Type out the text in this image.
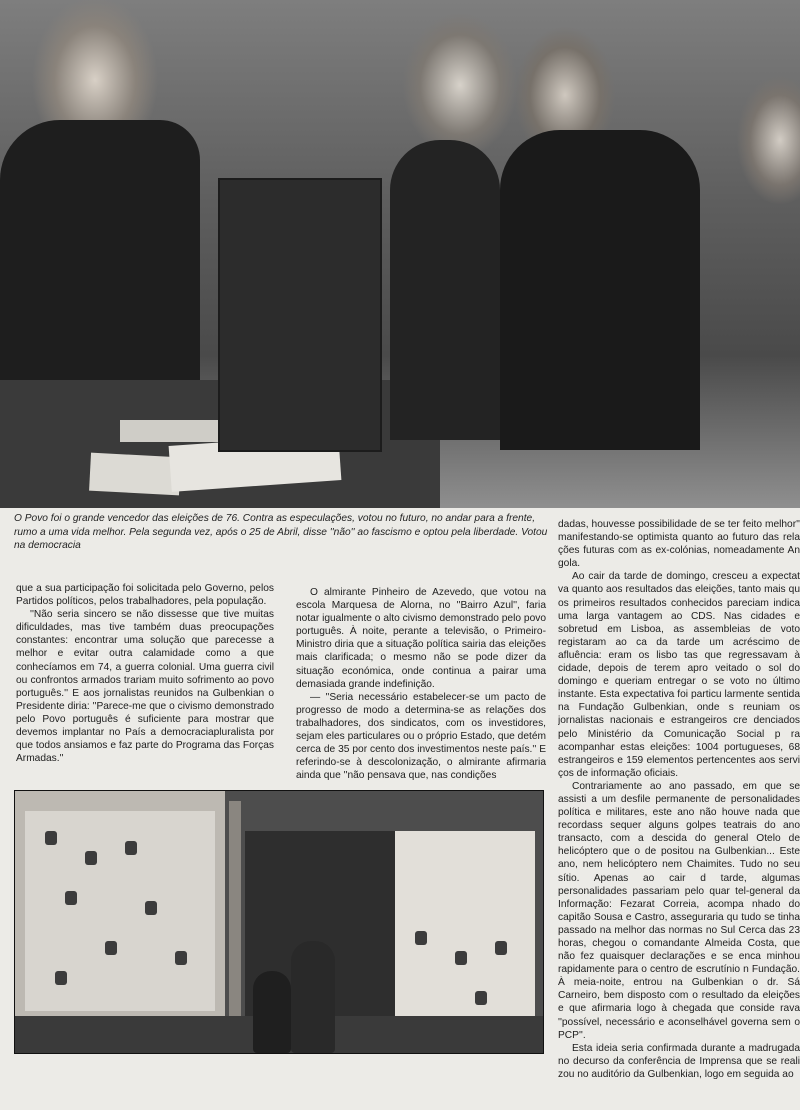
O Povo foi o grande vencedor das eleições de 76. Contra as especulações, votou no futuro, no andar para a frente, rumo a uma vida melhor. Pela segunda vez, após o 25 de Abril, disse ''não'' ao fascismo e optou pela liberdade. Votou na democracia

que a sua participação foi solicitada pelo Governo, pelos Partidos políticos, pelos trabalhadores, pela população.

''Não seria sincero se não dissesse que tive muitas dificuldades, mas tive também duas preocupações constantes: encontrar uma solução que parecesse a melhor e evitar outra calamidade como a que conhecíamos em 74, a guerra colonial. Uma guerra civil ou confrontos armados trariam muito sofrimento ao povo português.'' E aos jornalistas reunidos na Gulbenkian o Presidente diria: ''Parece-me que o civismo demonstrado pelo Povo português é suficiente para mostrar que devemos implantar no País a democraciapluralista por que todos ansiamos e faz parte do Programa das Forças Armadas.''

O almirante Pinheiro de Azevedo, que votou na escola Marquesa de Alorna, no ''Bairro Azul'', faria notar igualmente o alto civismo demonstrado pelo povo português. À noite, perante a televisão, o Primeiro-Ministro diria que a situação política sairia das eleições mais clarificada; o mesmo não se pode dizer da situação económica, onde continua a pairar uma demasiada grande indefinição.

— ''Seria necessário estabelecer-se um pacto de progresso de modo a determina-se as relações dos trabalhadores, dos sindicatos, com os investidores, sejam eles particulares ou o próprio Estado, que detém cerca de 35 por cento dos investimentos neste país.'' E referindo-se à descolonização, o almirante afirmaria ainda que ''não pensava que, nas condições

dadas, houvesse possibilidade de se ter feito melhor'' manifestando-se optimista quanto ao futuro das rela ções futuras com as ex-colónias, nomeadamente An gola.

Ao cair da tarde de domingo, cresceu a expectat va quanto aos resultados das eleições, tanto mais qu os primeiros resultados conhecidos pareciam indica uma larga vantagem ao CDS. Nas cidades e sobretud em Lisboa, as assembleias de voto registaram ao ca da tarde um acréscimo de afluência: eram os lisbo tas que regressavam à cidade, depois de terem apro veitado o sol do domingo e queriam entregar o se voto no último instante. Esta expectativa foi particu larmente sentida na Fundação Gulbenkian, onde s reuniam os jornalistas nacionais e estrangeiros cre denciados pelo Ministério da Comunicação Social p ra acompanhar estas eleições: 1004 portugueses, 68 estrangeiros e 159 elementos pertencentes aos servi ços de informação oficiais.

Contrariamente ao ano passado, em que se assisti a um desfile permanente de personalidades política e militares, este ano não houve nada que recordass sequer alguns golpes teatrais do ano transacto, com a descida do general Otelo de helicóptero que o de positou na Gulbenkian... Este ano, nem helicóptero nem Chaimites. Tudo no seu sítio. Apenas ao cair d tarde, algumas personalidades passariam pelo quar tel-general da Informação: Fezarat Correia, acompa nhado do capitão Sousa e Castro, asseguraria qu tudo se tinha passado na melhor das normas no Sul Cerca das 23 horas, chegou o comandante Almeida Costa, que não fez quaisquer declarações e se enca minhou rapidamente para o centro de escrutínio n Fundação. À meia-noite, entrou na Gulbenkian o dr. Sá Carneiro, bem disposto com o resultado da eleições e que afirmaria logo à chegada que conside rava ''possível, necessário e aconselhável governa sem o PCP''.

Esta ideia seria confirmada durante a madrugada no decurso da conferência de Imprensa que se reali zou no auditório da Gulbenkian, logo em seguida ao
